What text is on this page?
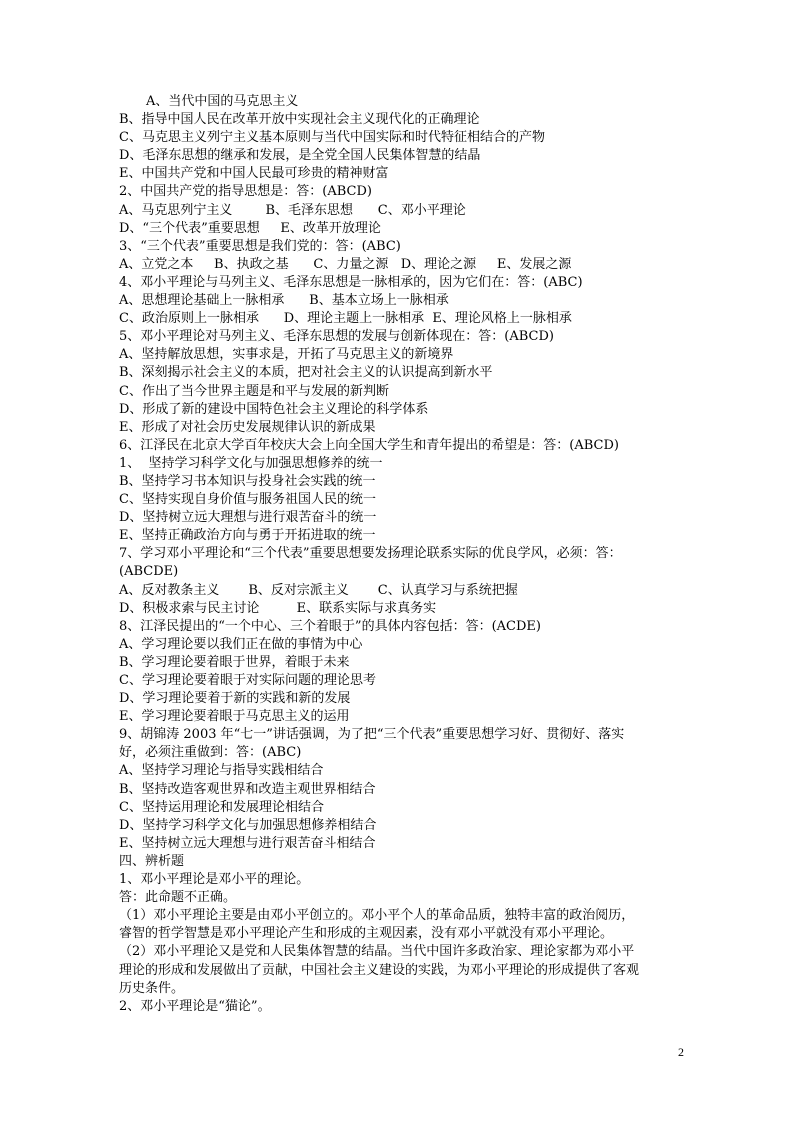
A、当代中国的马克思主义
B、指导中国人民在改革开放中实现社会主义现代化的正确理论
C、马克思主义列宁主义基本原则与当代中国实际和时代特征相结合的产物
D、毛泽东思想的继承和发展，是全党全国人民集体智慧的结晶
E、中国共产党和中国人民最可珍贵的精神财富
2、中国共产党的指导思想是：答：(ABCD)
A、马克思列宁主义        B、毛泽东思想      C、邓小平理论
D、“三个代表”重要思想     E、改革开放理论
3、“三个代表”重要思想是我们党的：答：(ABC)
A、立党之本     B、执政之基      C、力量之源   D、理论之源     E、发展之源
4、邓小平理论与马列主义、毛泽东思想是一脉相承的，因为它们在：答：(ABC)
A、思想理论基础上一脉相承      B、基本立场上一脉相承
C、政治原则上一脉相承      D、理论主题上一脉相承  E、理论风格上一脉相承
5、邓小平理论对马列主义、毛泽东思想的发展与创新体现在：答：(ABCD)
A、坚持解放思想，实事求是，开拓了马克思主义的新境界
B、深刻揭示社会主义的本质，把对社会主义的认识提高到新水平
C、作出了当今世界主题是和平与发展的新判断
D、形成了新的建设中国特色社会主义理论的科学体系
E、形成了对社会历史发展规律认识的新成果
6、江泽民在北京大学百年校庆大会上向全国大学生和青年提出的希望是：答：(ABCD)
1、  坚持学习科学文化与加强思想修养的统一
B、坚持学习书本知识与投身社会实践的统一
C、坚持实现自身价值与服务祖国人民的统一
D、坚持树立远大理想与进行艰苦奋斗的统一
E、坚持正确政治方向与勇于开拓进取的统一
7、学习邓小平理论和“三个代表”重要思想要发扬理论联系实际的优良学风，必须：答：
(ABCDE)
A、反对教条主义       B、反对宗派主义       C、认真学习与系统把握
D、积极求索与民主讨论         E、联系实际与求真务实
8、江泽民提出的“一个中心、三个着眼于”的具体内容包括：答：(ACDE)
A、学习理论要以我们正在做的事情为中心
B、学习理论要着眼于世界，着眼于未来
C、学习理论要着眼于对实际问题的理论思考
D、学习理论要着于新的实践和新的发展
E、学习理论要着眼于马克思主义的运用
9、胡锦涛 2003 年“七一”讲话强调，为了把“三个代表”重要思想学习好、贯彻好、落实
好，必须注重做到：答：(ABC)
A、坚持学习理论与指导实践相结合
B、坚持改造客观世界和改造主观世界相结合
C、坚持运用理论和发展理论相结合
D、坚持学习科学文化与加强思想修养相结合
E、坚持树立远大理想与进行艰苦奋斗相结合
四、辨析题
1、邓小平理论是邓小平的理论。
答：此命题不正确。
（1）邓小平理论主要是由邓小平创立的。邓小平个人的革命品质，独特丰富的政治阅历，
睿智的哲学智慧是邓小平理论产生和形成的主观因素，没有邓小平就没有邓小平理论。
（2）邓小平理论又是党和人民集体智慧的结晶。当代中国许多政治家、理论家都为邓小平
理论的形成和发展做出了贡献，中国社会主义建设的实践，为邓小平理论的形成提供了客观
历史条件。
2、邓小平理论是“猫论”。
2
